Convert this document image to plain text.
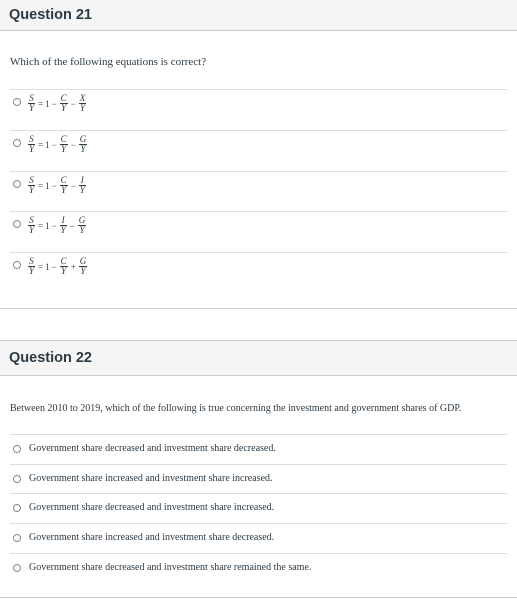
Question 21
Which of the following equations is correct?
$\frac{S}{Y} = 1 - \frac{C}{Y} - \frac{X}{Y}$
$\frac{S}{Y} = 1 - \frac{C}{Y} - \frac{G}{Y}$
$\frac{S}{Y} = 1 - \frac{C}{Y} - \frac{I}{Y}$
$\frac{S}{Y} = 1 - \frac{I}{Y} - \frac{G}{Y}$
$\frac{S}{Y} = 1 - \frac{C}{Y} + \frac{G}{Y}$
Question 22
Between 2010 to 2019, which of the following is true concerning the investment and government shares of GDP.
Government share decreased and investment share decreased.
Government share increased and investment share increased.
Government share decreased and investment share increased.
Government share increased and investment share decreased.
Government share decreased and investment share remained the same.
